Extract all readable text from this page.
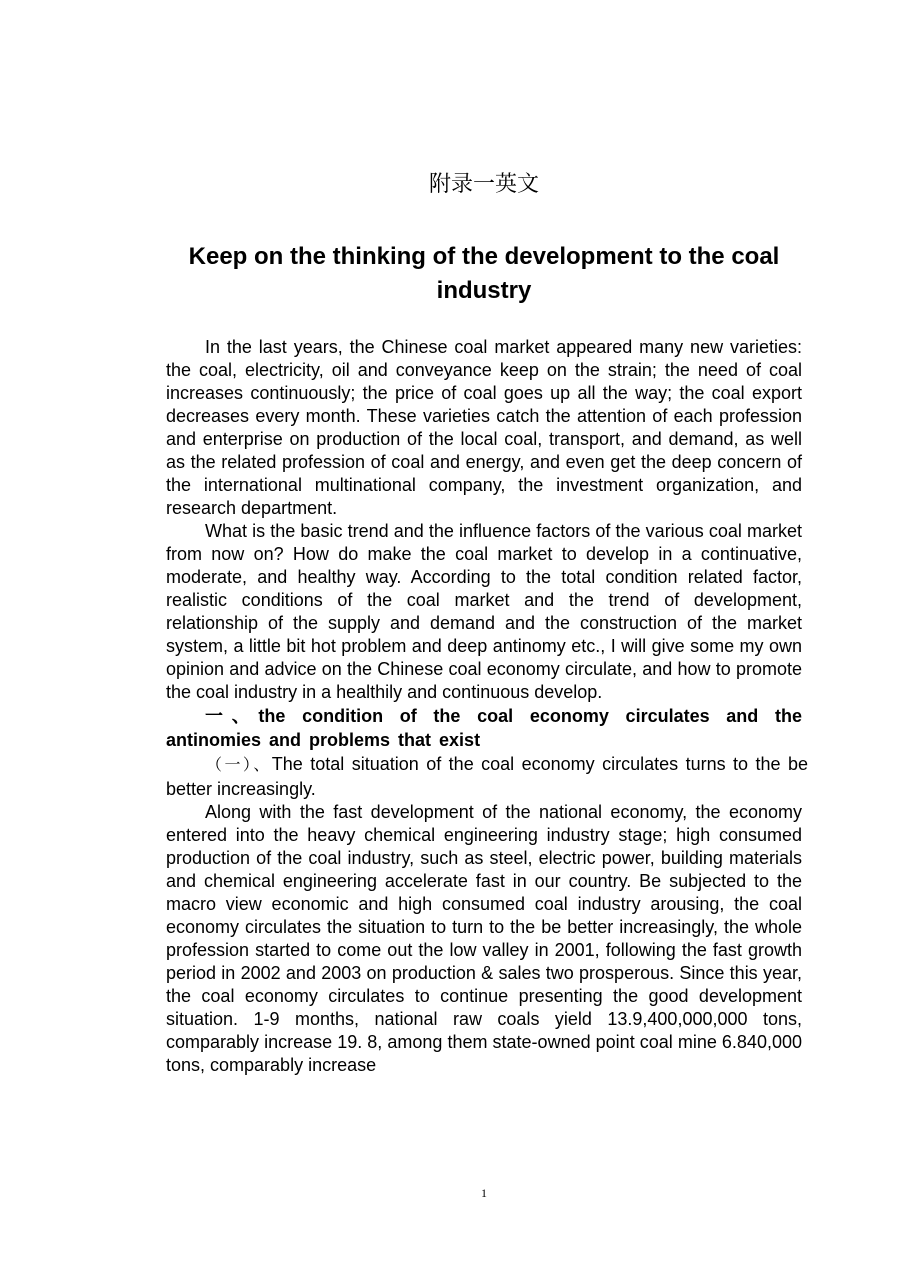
附录一英文
Keep on the thinking of the development to the coal industry

In the last years, the Chinese coal market appeared many new varieties: the coal, electricity, oil and conveyance keep on the strain; the need of coal increases continuously; the price of coal goes up all the way; the coal export decreases every month. These varieties catch the attention of each profession and enterprise on production of the local coal, transport, and demand, as well as the related profession of coal and energy, and even get the deep concern of the international multinational company, the investment organization, and research department.

What is the basic trend and the influence factors of the various coal market from now on? How do make the coal market to develop in a continuative, moderate, and healthy way. According to the total condition related factor, realistic conditions of the coal market and the trend of development, relationship of the supply and demand and the construction of the market system, a little bit hot problem and deep antinomy etc., I will give some my own opinion and advice on the Chinese coal economy circulate, and how to promote the coal industry in a healthily and continuous develop.

一、the condition of the coal economy circulates and the antinomies and problems that exist

（一）、The total situation of the coal economy circulates turns to the be better increasingly.

Along with the fast development of the national economy, the economy entered into the heavy chemical engineering industry stage; high consumed production of the coal industry, such as steel, electric power, building materials and chemical engineering accelerate fast in our country. Be subjected to the macro view economic and high consumed coal industry arousing, the coal economy circulates the situation to turn to the be better increasingly, the whole profession started to come out the low valley in 2001, following the fast growth period in 2002 and 2003 on production & sales two prosperous. Since this year, the coal economy circulates to continue presenting the good development situation. 1-9 months, national raw coals yield 13.9,400,000,000 tons, comparably increase 19. 8, among them state-owned point coal mine 6.840,000 tons, comparably increase

1
